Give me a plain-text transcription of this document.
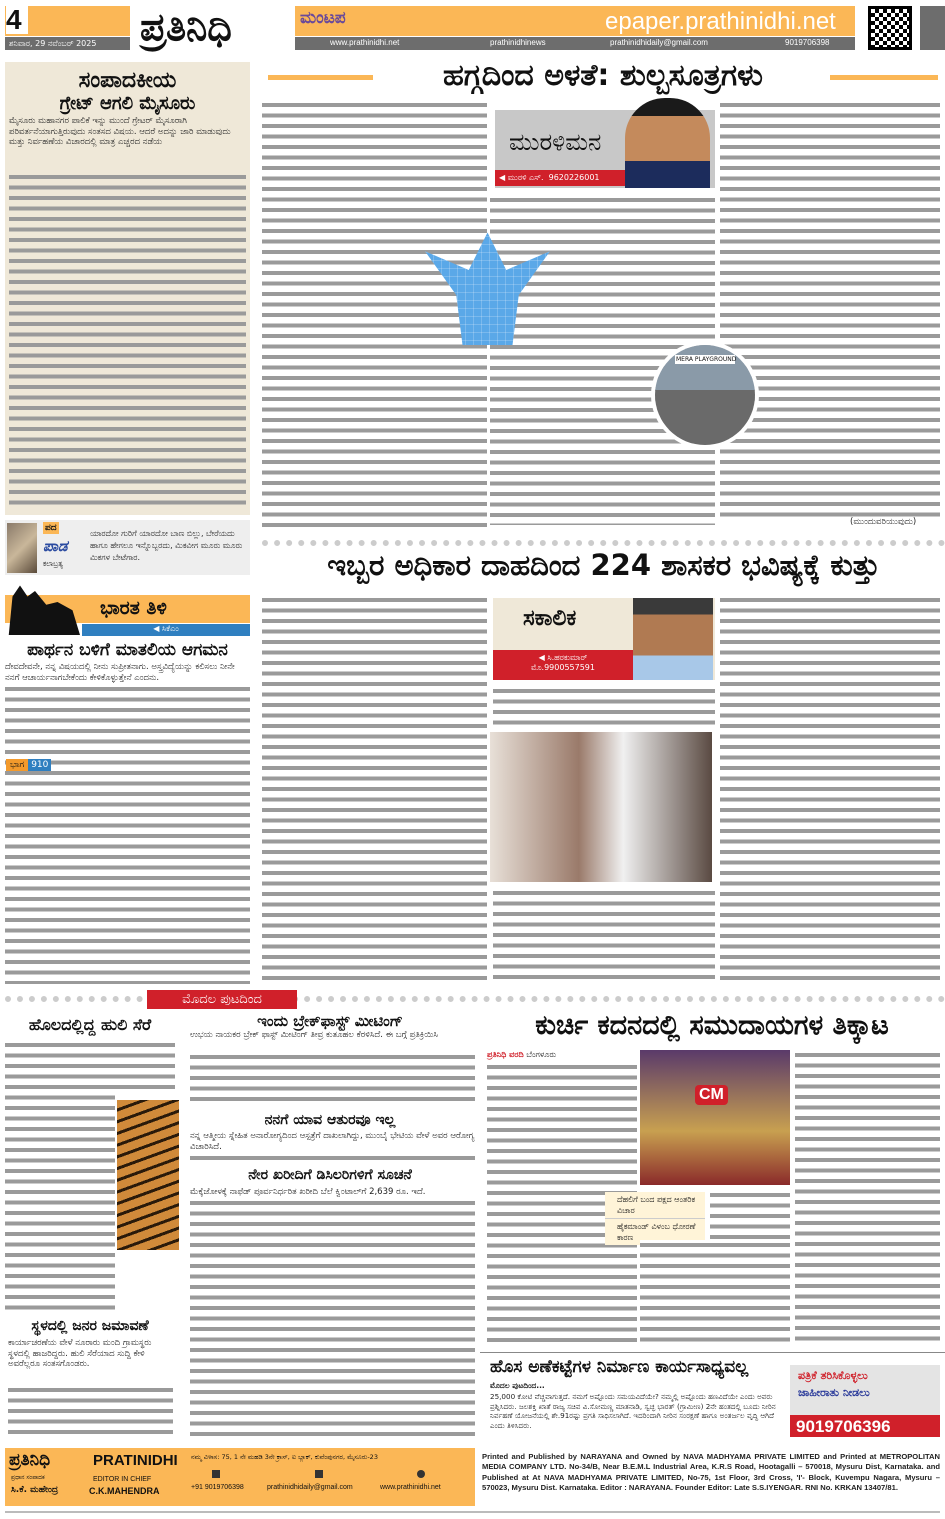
4
ಶನಿವಾರ, 29 ನವೆಂಬರ್ 2025	ಪ್ರತಿನಿಧಿ	ಮಂಟಪ	epaper.prathinidhi.net
www.prathinidhi.net	prathinidhinews	prathinidhidaily@gmail.com	9019706398
ಸಂಪಾದಕೀಯ
ಗ್ರೇಟ್ ಆಗಲಿ ಮೈಸೂರು
ಮೈಸೂರು ಮಹಾನಗರ ಪಾಲಿಕೆ ಇನ್ನು ಮುಂದೆ ಗ್ರೇಟರ್ ಮೈಸೂರಾಗಿ ಪರಿವರ್ತನೆಯಾಗುತ್ತಿರುವುದು ಸಂತಸದ ವಿಷಯ. ಆದರೆ ಅದನ್ನು ಜಾರಿ ಮಾಡುವುದು ಮತ್ತು ನಿರ್ವಹಣೆಯ ವಿಚಾರದಲ್ಲಿ ಮಾತ್ರ ಎಚ್ಚರದ ನಡೆಯ
ಪದ
ಪಾಡ
ಕಲಾಬ್ರತ್ಯ
ಯಾರದೋ ಗುರಿಗೆ ಯಾರದೋ ಬಾಣ ಬಿಲ್ಲು, ಬೇರೆಯದು ಹಾಗೂ ಹೇಗಲೂ ಇನ್ನೊಬ್ಬರದು, ಮಿಕವೀಗ ಮೂರು ಮೂರು ಮಿಕಗಳ ಬೇಟೆಗಾರ.
ಭಾರತ ತಿಳಿ
◀ ಸಿಕೆಎಂ
ಪಾರ್ಥನ ಬಳಿಗೆ ಮಾತಲಿಯ ಆಗಮನ
ದೇವದೇವನೇ, ನನ್ನ ವಿಷಯದಲ್ಲಿ ನೀನು ಸುಪ್ರೀತನಾಗು. ಅಸ್ತ್ರವಿದ್ಯೆಯನ್ನು ಕಲಿಸಲು ನೀನೇ ನನಗೆ ಆಚಾರ್ಯನಾಗಬೇಕೆಂದು ಕೇಳಿಕೊಳ್ಳುತ್ತೇನೆ ಎಂದನು.
ಭಾಗ 910
ಹಗ್ಗದಿಂದ ಅಳತೆ: ಶುಲ್ಬಸೂತ್ರಗಳು
ಮುರಳಿಮನ
◀ ಮುರಳಿ ಎಸ್. 9620226001
MERA PLAYGROUND
(ಮುಂದುವರಿಯುವುದು)
ಇಬ್ಬರ ಅಧಿಕಾರ ದಾಹದಿಂದ 224 ಶಾಸಕರ ಭವಿಷ್ಯಕ್ಕೆ ಕುತ್ತು
ಸಕಾಲಿಕ
◀ ಸಿ.ಹರಕುಮಾರ್
ಮೊ.9900557591
ಮೊದಲ ಪುಟದಿಂದ
ಹೊಲದಲ್ಲಿದ್ದ ಹುಲಿ ಸೆರೆ
ಸ್ಥಳದಲ್ಲಿ ಜನರ ಜಮಾವಣೆ
ಕಾರ್ಯಾಚರಣೆಯ ವೇಳೆ ನೂರಾರು ಮಂದಿ ಗ್ರಾಮಸ್ಥರು ಸ್ಥಳದಲ್ಲಿ ಹಾಜರಿದ್ದರು. ಹುಲಿ ಸೆರೆಯಾದ ಸುದ್ದಿ ಕೇಳಿ ಅವರೆಲ್ಲರೂ ಸಂತಸಗೊಂಡರು.
ಇಂದು ಬ್ರೇಕ್‌ಫಾಸ್ಟ್ ಮೀಟಿಂಗ್
ಉಭಯ ನಾಯಕರ ಬ್ರೇಕ್ ಫಾಸ್ಟ್ ಮೀಟಿಂಗ್ ತೀವ್ರ ಕುತೂಹಲ ಕೆರಳಿಸಿದೆ. ಈ ಬಗ್ಗೆ ಪ್ರತಿಕ್ರಿಯಿಸಿ
ನನಗೆ ಯಾವ ಆತುರವೂ ಇಲ್ಲ
ನನ್ನ ಆತ್ಮೀಯ ಸ್ನೇಹಿತ ಅನಾರೋಗ್ಯದಿಂದ ಆಸ್ಪತ್ರೆಗೆ ದಾಖಲಾಗಿದ್ದು, ಮುಂಬೈ ಭೇಟಿಯ ವೇಳೆ ಅವರ ಆರೋಗ್ಯ ವಿಚಾರಿಸಿದೆ.
ನೇರ ಖರೀದಿಗೆ ಡಿಸಿಲರಿಗಳಿಗೆ ಸೂಚನೆ
ಮೆಕ್ಕೆಜೋಳಕ್ಕೆ ನಾಫೆಡ್ ಪೂರ್ವನಿರ್ಧರಿತ ಖರೀದಿ ಬೆಲೆ ಕ್ವಿಂಟಾಲ್‌ಗೆ 2,639 ರೂ. ಇದೆ.
ಕುರ್ಚಿ ಕದನದಲ್ಲಿ ಸಮುದಾಯಗಳ ತಿಕ್ಕಾಟ
ಪ್ರತಿನಿಧಿ ವರದಿ ಬೆಂಗಳೂರು
CM
ದೆಹಲಿಗೆ ಬಂದ ಪಕ್ಷದ ಆಂತರಿಕ ವಿಚಾರ
ಹೈಕಮಾಂಡ್ ವಿಳಂಬ ಧೋರಣೆ ಕಾರಣ
ಹೊಸ ಅಣೆಕಟ್ಟೆಗಳ ನಿರ್ಮಾಣ ಕಾರ್ಯಸಾಧ್ಯವಲ್ಲ
ಮೊದಲ ಪುಟದಿಂದ...
25,000 ಕೋಟಿ ವೆಚ್ಚವಾಗುತ್ತದೆ. ನಮಗೆ ಅಷ್ಟೊಂದು ಸಮಯವಿದೆಯೇ? ನಮ್ಮಲ್ಲಿ ಅಷ್ಟೊಂದು ಹಣವಿದೆಯೇ ಎಂದು ಅವರು ಪ್ರಶ್ನಿಸಿದರು. ಜಲಶಕ್ತಿ ಖಾತೆ ರಾಜ್ಯ ಸಚಿವ ವಿ.ಸೋಮಣ್ಣ ಮಾತನಾಡಿ, ಸ್ವಚ್ಛ ಭಾರತ್ (ಗ್ರಾಮೀಣ) 2ನೇ ಹಂತದಲ್ಲಿ ಬೂದು ನೀರಿನ ನಿರ್ವಹಣೆ ಯೋಜನೆಯಲ್ಲಿ ಶೇ.91ರಷ್ಟು ಪ್ರಗತಿ ಸಾಧಿಸಲಾಗಿದೆ. ಇದರಿಂದಾಗಿ ನೀರಿನ ಸಂರಕ್ಷಣೆ ಹಾಗೂ ಅಂತರ್ಜಲ ವೃದ್ಧಿ ಆಗಿದೆ ಎಂದು ತಿಳಿಸಿದರು.
ಪತ್ರಿಕೆ ತರಿಸಿಕೊಳ್ಳಲು
ಜಾಹೀರಾತು ನೀಡಲು
9019706396
ಪ್ರತಿನಿಧಿ	PRATINIDHI
ಪ್ರಧಾನ ಸಂಪಾದಕ
ಸಿ.ಕೆ. ಮಹೇಂದ್ರ
EDITOR IN CHIEF
C.K.MAHENDRA
ನಮ್ಮ ವಿಳಾಸ: 75, 1 ನೇ ಮಹಡಿ 3ನೇ ಕ್ರಾಸ್, ಐ ಬ್ಲಾಕ್, ಕುವೆಂಪುನಗರ, ಮೈಸೂರು-23
+91 9019706398	prathinidhidaily@gmail.com	www.prathinidhi.net
Printed and Published by NARAYANA and Owned by NAVA MADHYAMA PRIVATE LIMITED and Printed at METROPOLITAN MEDIA COMPANY LTD. No-34/B, Near B.E.M.L Industrial Area, K.R.S Road, Hootagalli – 570018, Mysuru Dist, Karnataka. and Published at At NAVA MADHYAMA PRIVATE LIMITED, No-75, 1st Floor, 3rd Cross, 'I'- Block, Kuvempu Nagara, Mysuru – 570023, Mysuru Dist. Karnataka. Editor : NARAYANA. Founder Editor: Late S.S.IYENGAR. RNI No. KRKAN 13407/81.
